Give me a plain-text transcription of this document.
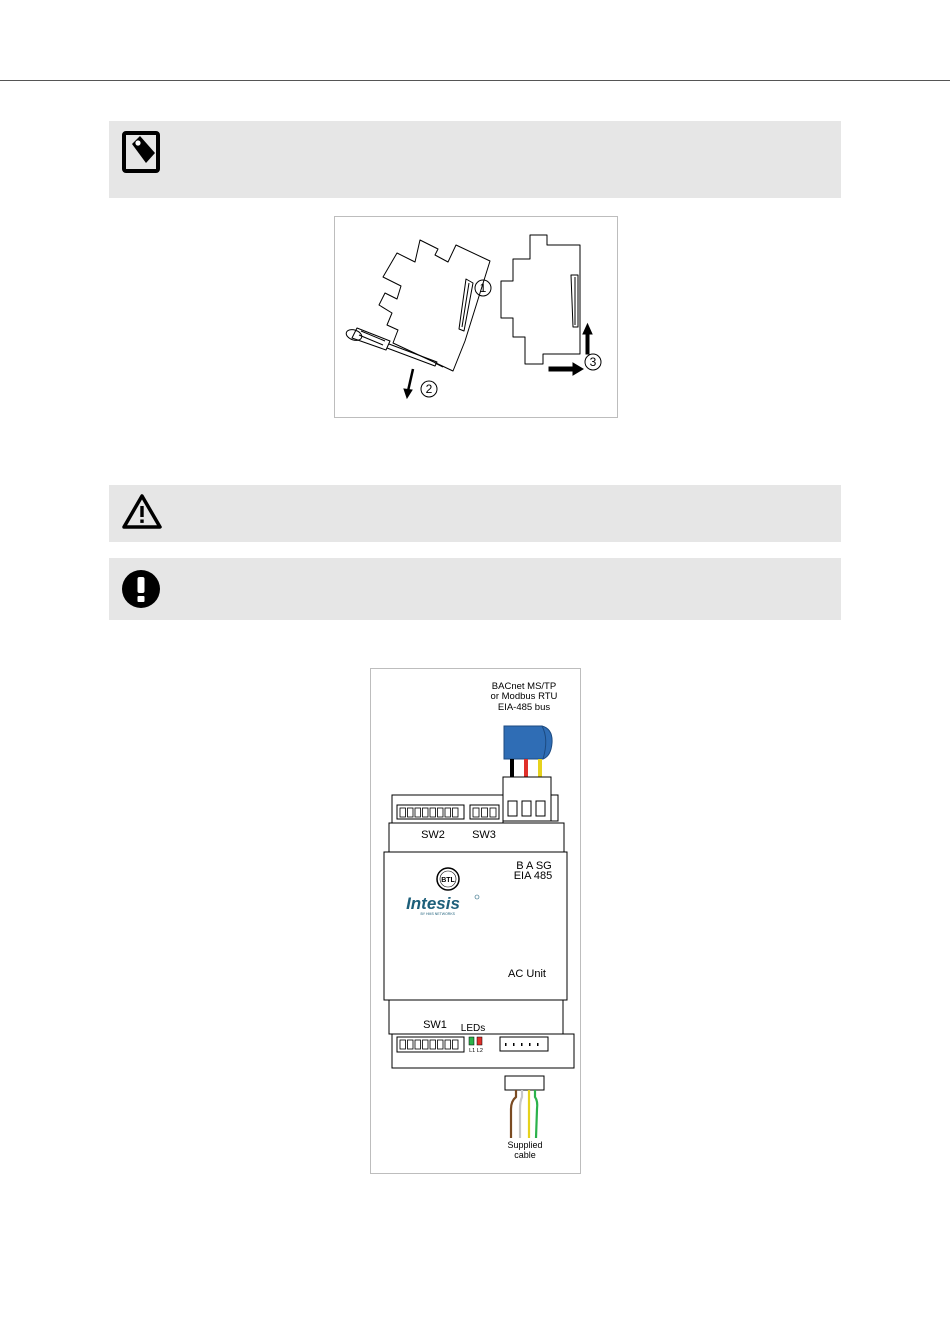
1
2
3
BACnet MS/TP
or Modbus RTU
EIA-485 bus
SW2 SW3
B A SG
EIA 485
BTL
Intesis
BY HMS NETWORKS
AC Unit
SW1 LEDs
L1 L2
Supplied
cable
